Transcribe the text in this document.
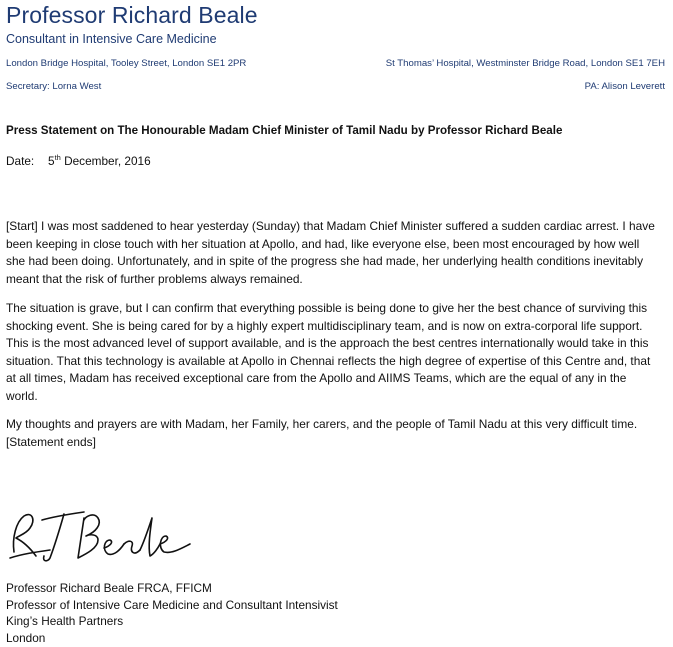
Professor Richard Beale
Consultant in Intensive Care Medicine
London Bridge Hospital, Tooley Street, London SE1 2PR	St Thomas’ Hospital, Westminster Bridge Road, London SE1 7EH
Secretary: Lorna West	PA: Alison Leverett
Press Statement on The Honourable Madam Chief Minister of Tamil Nadu by Professor Richard Beale
Date: 5th December, 2016

[Start] I was most saddened to hear yesterday (Sunday) that Madam Chief Minister suffered a sudden cardiac arrest. I have been keeping in close touch with her situation at Apollo, and had, like everyone else, been most encouraged by how well she had been doing. Unfortunately, and in spite of the progress she had made, her underlying health conditions inevitably meant that the risk of further problems always remained.

The situation is grave, but I can confirm that everything possible is being done to give her the best chance of surviving this shocking event. She is being cared for by a highly expert multidisciplinary team, and is now on extra-corporal life support. This is the most advanced level of support available, and is the approach the best centres internationally would take in this situation. That this technology is available at Apollo in Chennai reflects the high degree of expertise of this Centre and, that at all times, Madam has received exceptional care from the Apollo and AIIMS Teams, which are the equal of any in the world.

My thoughts and prayers are with Madam, her Family, her carers, and the people of Tamil Nadu at this very difficult time. [Statement ends]

Professor Richard Beale FRCA, FFICM
Professor of Intensive Care Medicine and Consultant Intensivist
King’s Health Partners
London
